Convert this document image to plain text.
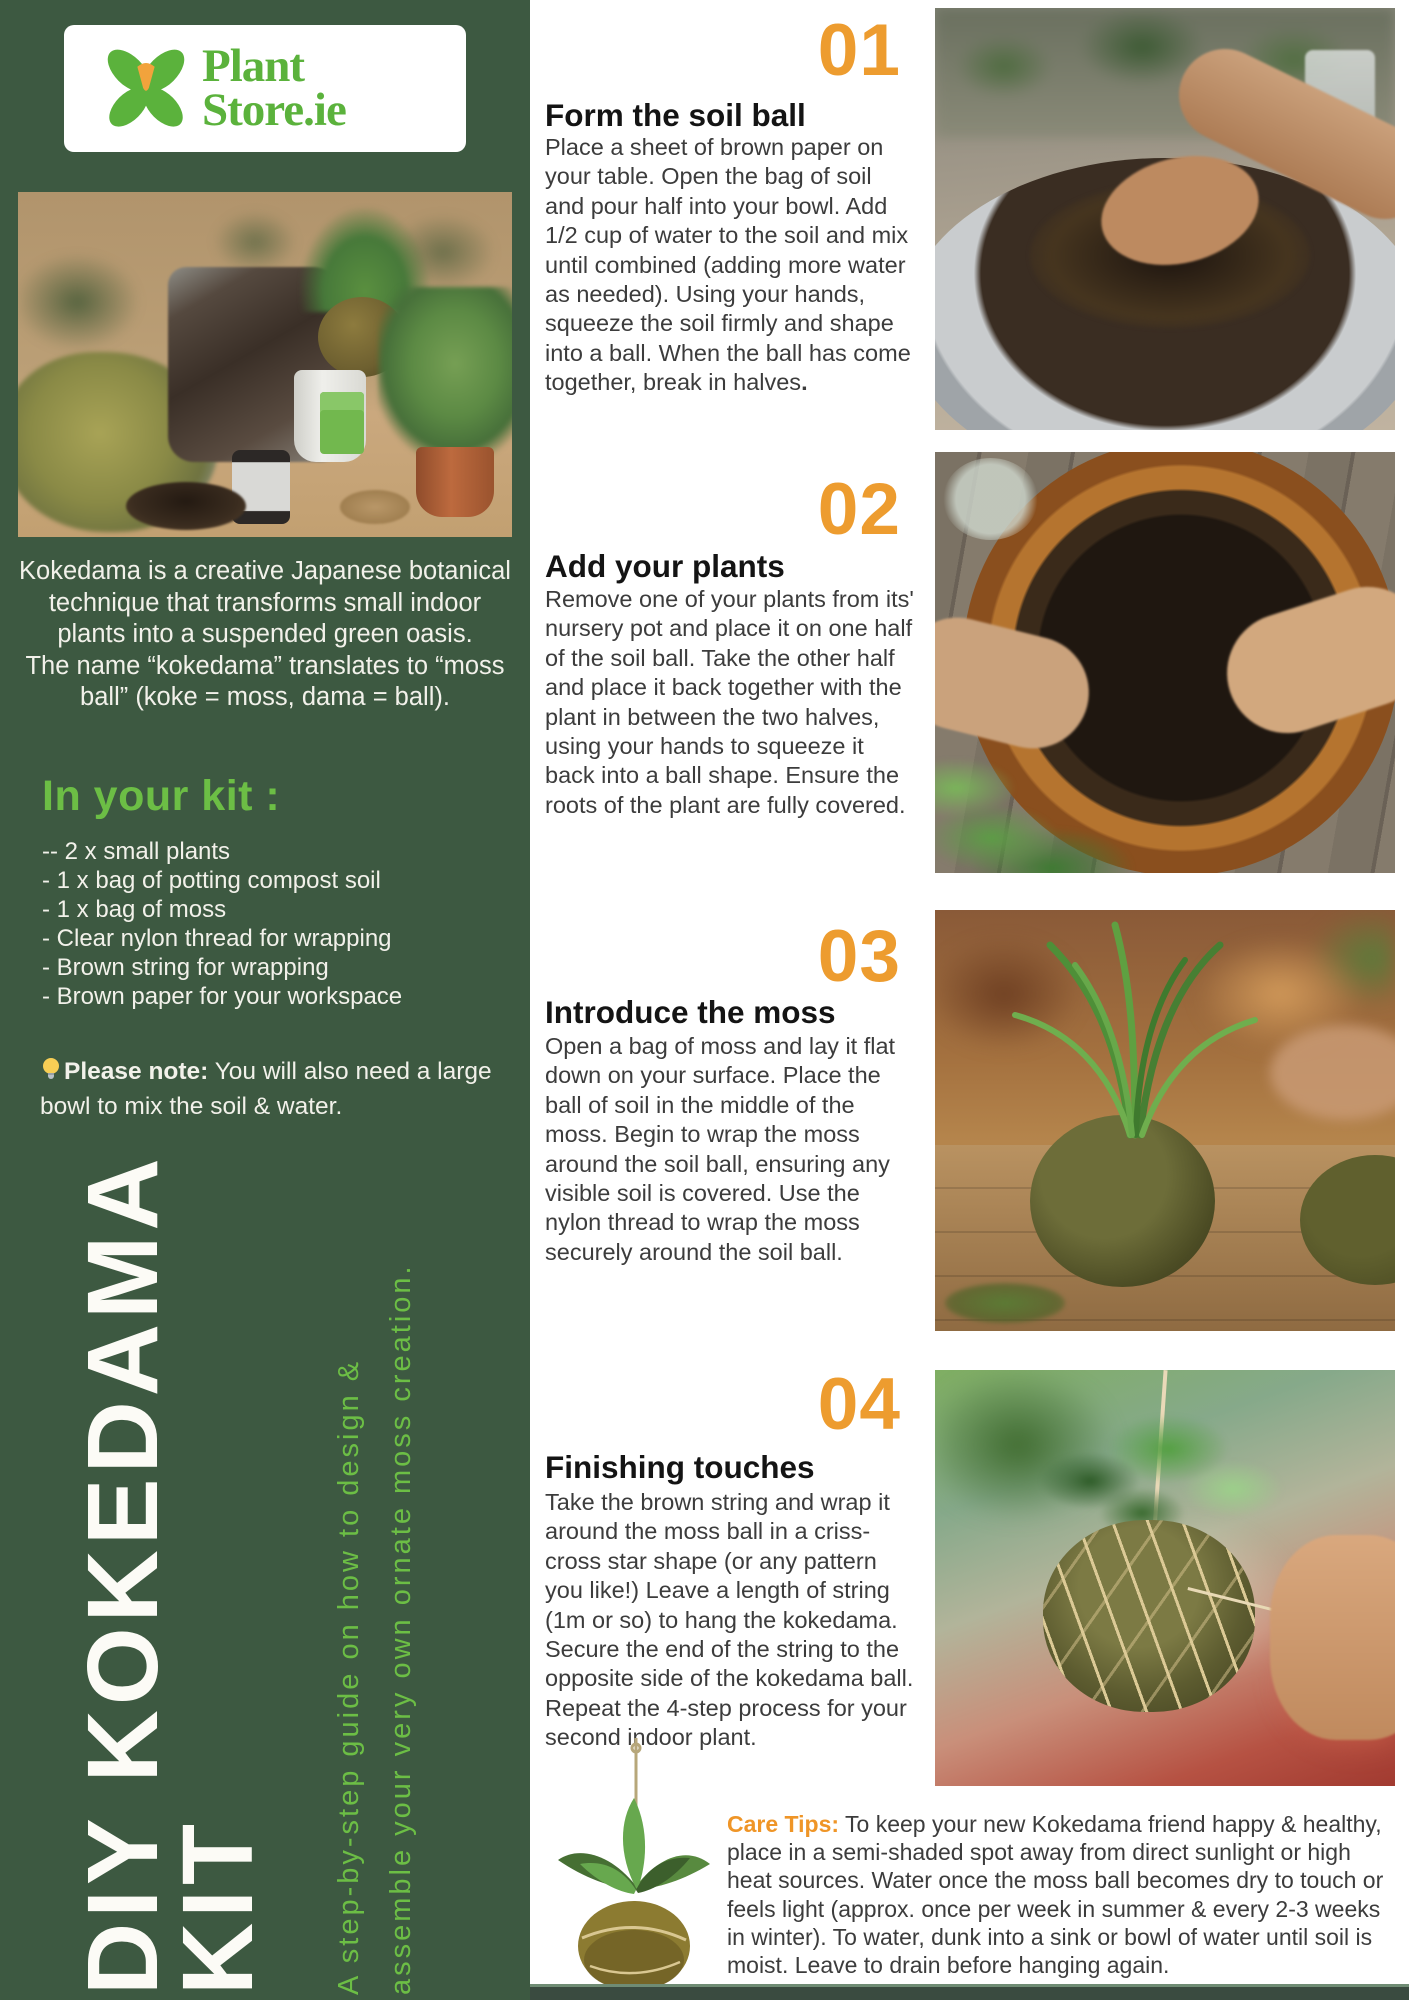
Plant
Store.ie
Kokedama is a creative Japanese botanical
technique that transforms small indoor
plants into a suspended green oasis.
The name “kokedama” translates to “moss
ball” (koke = moss, dama = ball).
In your kit :
-- 2 x small plants
- 1 x bag of potting compost soil
- 1 x bag of moss
- Clear nylon thread for wrapping
- Brown string for wrapping
- Brown paper for your workspace
Please note: You will also need a large bowl to mix the soil & water.
DIY KOKEDAMA
KIT	A step-by-step guide on how to design & assemble your very own ornate moss creation.
01
Form the soil ball
Place a sheet of brown paper on your table. Open the bag of soil and pour half into your bowl. Add 1/2 cup of water to the soil and mix until combined (adding more water as needed). Using your hands, squeeze the soil firmly and shape into a ball. When the ball has come together, break in halves.
02
Add your plants
Remove one of your plants from its' nursery pot and place it on one half of the soil ball. Take the other half and place it back together with the plant in between the two halves, using your hands to squeeze it back into a ball shape. Ensure the roots of the plant are fully covered.
03
Introduce the moss
Open a bag of moss and lay it flat down on your surface. Place the ball of soil in the middle of the moss. Begin to wrap the moss around the soil ball, ensuring any visible soil is covered. Use the nylon thread to wrap the moss securely around the soil ball.
04
Finishing touches
Take the brown string and wrap it around the moss ball in a criss-cross star shape (or any pattern you like!) Leave a length of string (1m or so) to hang the kokedama. Secure the end of the string to the opposite side of the kokedama ball. Repeat the 4-step process for your second indoor plant.
Care Tips: To keep your new Kokedama friend happy & healthy, place in a semi-shaded spot away from direct sunlight or high heat sources. Water once the moss ball becomes dry to touch or feels light (approx. once per week in summer & every 2-3 weeks in winter). To water, dunk into a sink or bowl of water until soil is moist. Leave to drain before hanging again.
